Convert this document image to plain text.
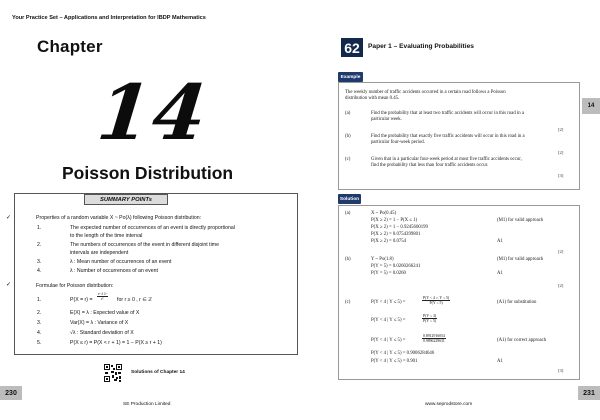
Your Practice Set – Applications and Interpretation for IBDP Mathematics
Chapter
14
Poisson Distribution
SUMMARY POINTs
✓	Properties of a random variable X ~ Po(λ) following Poisson distribution:
1.	The expected number of occurrences of an event is directly proportional
to the length of the time interval
2.	The numbers of occurrences of the event in different disjoint time
intervals are independent
3.	λ : Mean number of occurrences of an event
4.	λ : Number of occurrences of an event
✓	Formulae for Poisson distribution:
1.	$P(X = r) = \frac{\text{e⁻λ λʳ}}{r!}$ for r ≥ 0 , r ∈ ℤ
2.	E(X) = λ : Expected value of X
3.	Var(X) = λ : Variance of X
4.	√λ : Standard deviation of X
5.	P(X ≤ r) = P(X < r + 1) = 1 − P(X ≥ r + 1)
Solutions of Chapter 14
230
SE Production Limited
62	Paper 1 – Evaluating Probabilities
14
Example
The weekly number of traffic accidents occurred in a certain road follows a Poisson
distribution with mean 0.45.
(a)	Find the probability that at least two traffic accidents will occur in this road in a
particular week.
[2]
(b)	Find the probability that exactly five traffic accidents will occur in this road in a
particular four-week period.
[2]
(c)	Given that in a particular four-week period at most five traffic accidents occur,
find the probability that less than four traffic accidents occur.
[3]
Solution
(a)	X ~ Po(0.45)
P(X ≥ 2) = 1 − P(X ≤ 1)
P(X ≥ 2) = 1 − 0.9245600199
P(X ≥ 2) = 0.0754399801
P(X ≥ 2) = 0.0754
(M1) for valid approach
A1
[2]
(b)	Y ~ Po(1.8)
P(Y = 5) = 0.0260266241
P(Y = 5) = 0.0260
(M1) for valid approach
A1
[2]
(c)	P(Y < 4 | Y ≤ 5) =	$\frac{P(Y < 4 \cap Y \le 5)}{P(Y \le 5)}$	(A1) for substitution
P(Y < 4 | Y ≤ 5) =	$\frac{P(Y \le 3)}{P(Y \le 5)}$
P(Y < 4 | Y ≤ 5) =	$\frac{0.8912916054}{0.9896229631}$	(A1) for correct approach
P(Y < 4 | Y ≤ 5) = 0.9006284646
P(Y < 4 | Y ≤ 5) = 0.901	A1
[3]
231
www.seprodstore.com
